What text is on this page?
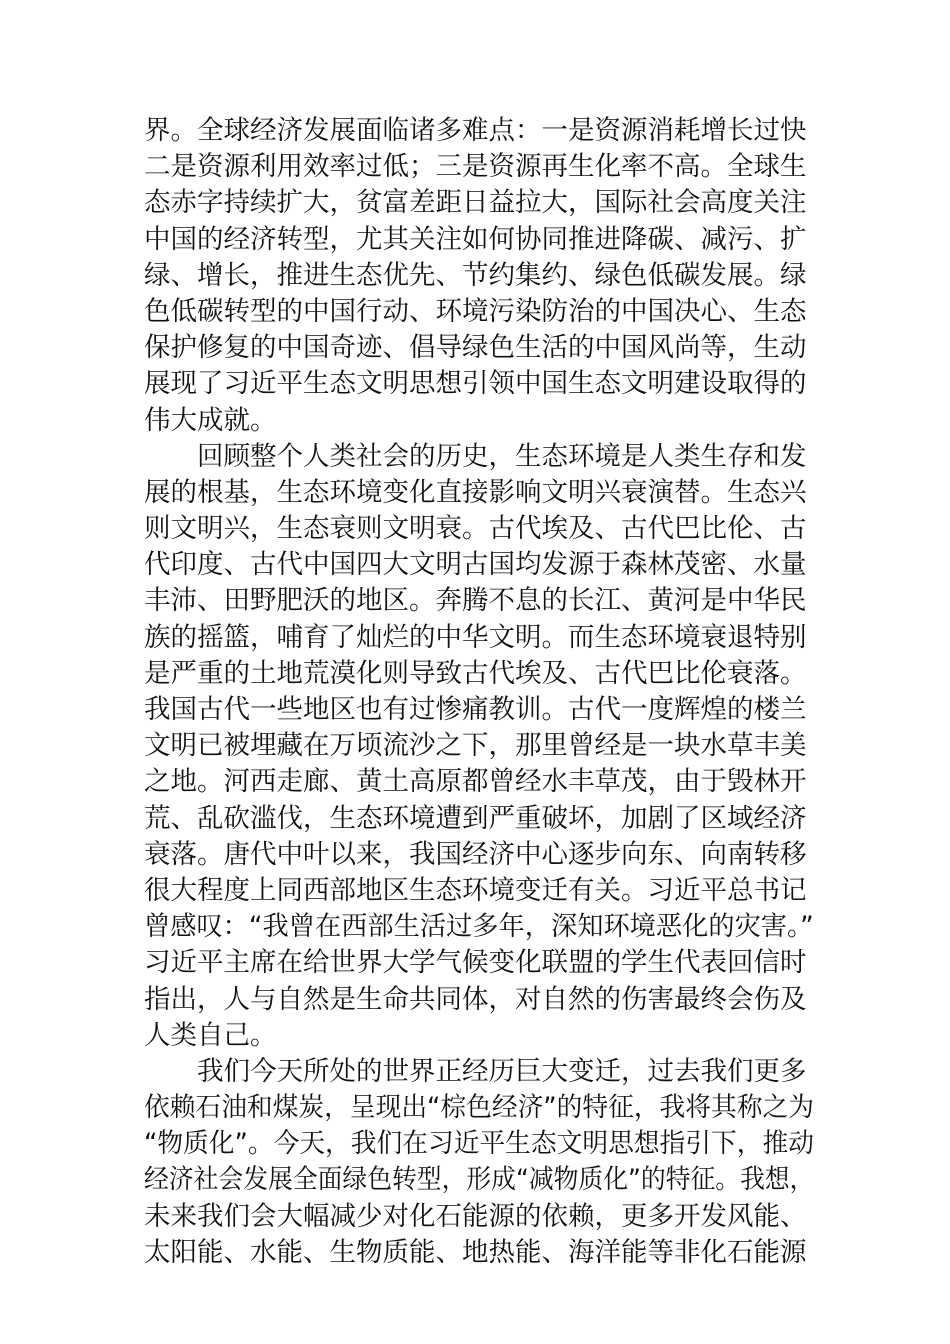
界。全球经济发展面临诸多难点：一是资源消耗增长过快
二是资源利用效率过低；三是资源再生化率不高。全球生
态赤字持续扩大，贫富差距日益拉大，国际社会高度关注
中国的经济转型，尤其关注如何协同推进降碳、减污、扩
绿、增长，推进生态优先、节约集约、绿色低碳发展。绿
色低碳转型的中国行动、环境污染防治的中国决心、生态
保护修复的中国奇迹、倡导绿色生活的中国风尚等，生动
展现了习近平生态文明思想引领中国生态文明建设取得的
伟大成就。
回顾整个人类社会的历史，生态环境是人类生存和发
展的根基，生态环境变化直接影响文明兴衰演替。生态兴
则文明兴，生态衰则文明衰。古代埃及、古代巴比伦、古
代印度、古代中国四大文明古国均发源于森林茂密、水量
丰沛、田野肥沃的地区。奔腾不息的长江、黄河是中华民
族的摇篮，哺育了灿烂的中华文明。而生态环境衰退特别
是严重的土地荒漠化则导致古代埃及、古代巴比伦衰落。
我国古代一些地区也有过惨痛教训。古代一度辉煌的楼兰
文明已被埋藏在万顷流沙之下，那里曾经是一块水草丰美
之地。河西走廊、黄土高原都曾经水丰草茂，由于毁林开
荒、乱砍滥伐，生态环境遭到严重破坏，加剧了区域经济
衰落。唐代中叶以来，我国经济中心逐步向东、向南转移
很大程度上同西部地区生态环境变迁有关。习近平总书记
曾感叹：“我曾在西部生活过多年，深知环境恶化的灾害。”
习近平主席在给世界大学气候变化联盟的学生代表回信时
指出，人与自然是生命共同体，对自然的伤害最终会伤及
人类自己。
我们今天所处的世界正经历巨大变迁，过去我们更多
依赖石油和煤炭，呈现出“棕色经济”的特征，我将其称之为
“物质化”。今天，我们在习近平生态文明思想指引下，推动
经济社会发展全面绿色转型，形成“减物质化”的特征。我想，
未来我们会大幅减少对化石能源的依赖，更多开发风能、
太阳能、水能、生物质能、地热能、海洋能等非化石能源
